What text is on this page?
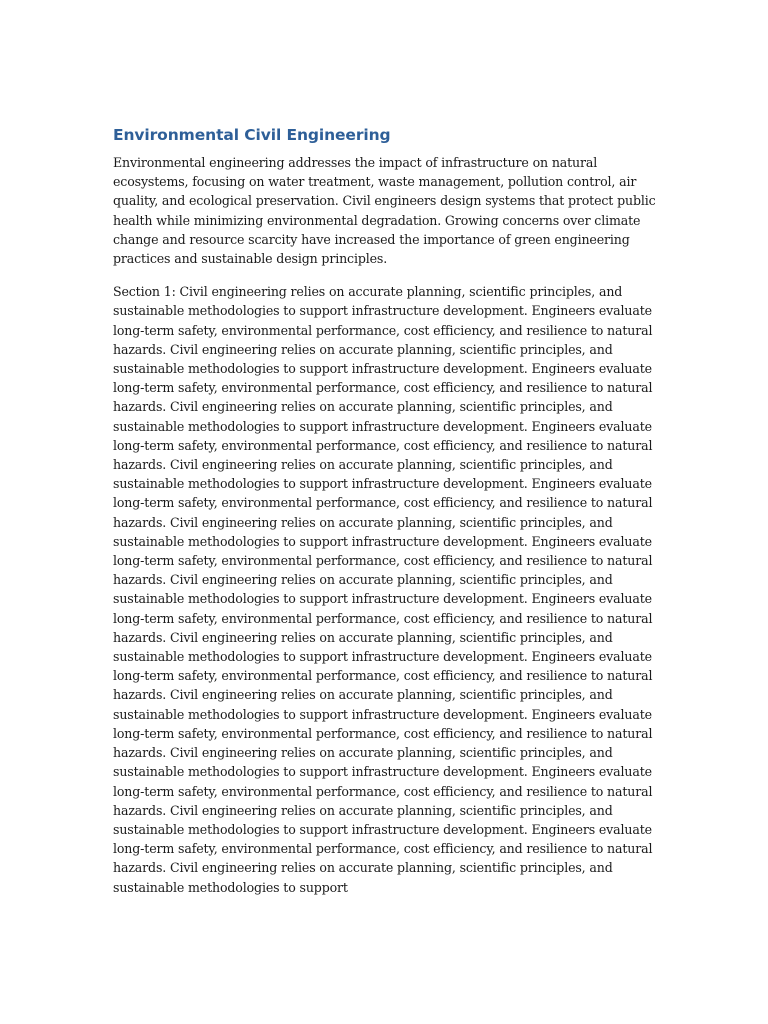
Environmental Civil Engineering

Environmental engineering addresses the impact of infrastructure on natural ecosystems, focusing on water treatment, waste management, pollution control, air quality, and ecological preservation. Civil engineers design systems that protect public health while minimizing environmental degradation. Growing concerns over climate change and resource scarcity have increased the importance of green engineering practices and sustainable design principles.

Section 1: Civil engineering relies on accurate planning, scientific principles, and sustainable methodologies to support infrastructure development. Engineers evaluate long-term safety, environmental performance, cost efficiency, and resilience to natural hazards. Civil engineering relies on accurate planning, scientific principles, and sustainable methodologies to support infrastructure development. Engineers evaluate long-term safety, environmental performance, cost efficiency, and resilience to natural hazards. Civil engineering relies on accurate planning, scientific principles, and sustainable methodologies to support infrastructure development. Engineers evaluate long-term safety, environmental performance, cost efficiency, and resilience to natural hazards. Civil engineering relies on accurate planning, scientific principles, and sustainable methodologies to support infrastructure development. Engineers evaluate long-term safety, environmental performance, cost efficiency, and resilience to natural hazards. Civil engineering relies on accurate planning, scientific principles, and sustainable methodologies to support infrastructure development. Engineers evaluate long-term safety, environmental performance, cost efficiency, and resilience to natural hazards. Civil engineering relies on accurate planning, scientific principles, and sustainable methodologies to support infrastructure development. Engineers evaluate long-term safety, environmental performance, cost efficiency, and resilience to natural hazards. Civil engineering relies on accurate planning, scientific principles, and sustainable methodologies to support infrastructure development. Engineers evaluate long-term safety, environmental performance, cost efficiency, and resilience to natural hazards. Civil engineering relies on accurate planning, scientific principles, and sustainable methodologies to support infrastructure development. Engineers evaluate long-term safety, environmental performance, cost efficiency, and resilience to natural hazards. Civil engineering relies on accurate planning, scientific principles, and sustainable methodologies to support infrastructure development. Engineers evaluate long-term safety, environmental performance, cost efficiency, and resilience to natural hazards. Civil engineering relies on accurate planning, scientific principles, and sustainable methodologies to support infrastructure development. Engineers evaluate long-term safety, environmental performance, cost efficiency, and resilience to natural hazards. Civil engineering relies on accurate planning, scientific principles, and sustainable methodologies to support
